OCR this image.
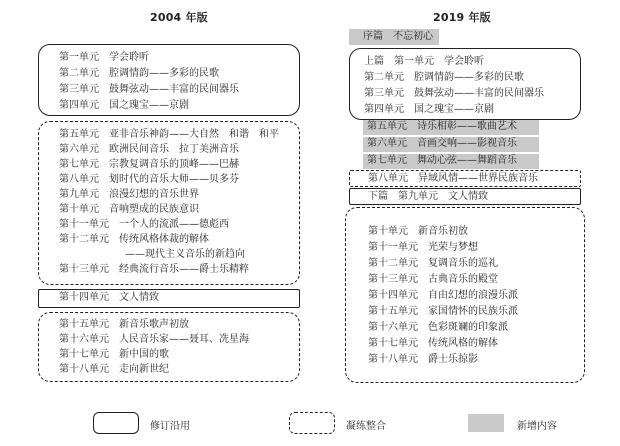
2004 年版	2019 年版
第一单元　学会聆听
第二单元　腔调情韵——多彩的民歌
第三单元　鼓舞弦动——丰富的民间器乐
第四单元　国之瑰宝——京剧
第五单元　亚非音乐神韵——大自然　和谐　和平
第六单元　欧洲民间音乐　拉丁美洲音乐
第七单元　宗教复调音乐的顶峰——巴赫
第八单元　划时代的音乐大师——贝多芬
第九单元　浪漫幻想的音乐世界
第十单元　音响塑成的民族意识
第十一单元　一个人的流派——德彪西
第十二单元　传统风格体裁的解体
——现代主义音乐的新趋向
第十三单元　经典流行音乐——爵士乐精粹
第十四单元　文人情致
第十五单元　新音乐歌声初放
第十六单元　人民音乐家——聂耳、冼星海
第十七单元　新中国的歌
第十八单元　走向新世纪
序篇　不忘初心
上篇　第一单元　学会聆听
第二单元　腔调情韵——多彩的民歌
第三单元　鼓舞弦动——丰富的民间器乐
第四单元　国之瑰宝——京剧
第五单元　诗乐相彰——歌曲艺术
第六单元　音画交响——影视音乐
第七单元　舞动心弦——舞蹈音乐
第八单元　异域风情——世界民族音乐
下篇　第九单元　文人情致
第十单元　新音乐初放
第十一单元　光荣与梦想
第十二单元　复调音乐的巡礼
第十三单元　古典音乐的殿堂
第十四单元　自由幻想的浪漫乐派
第十五单元　家国情怀的民族乐派
第十六单元　色彩斑斓的印象派
第十七单元　传统风格的解体
第十八单元　爵士乐掠影
修订沿用	凝练整合	新增内容
